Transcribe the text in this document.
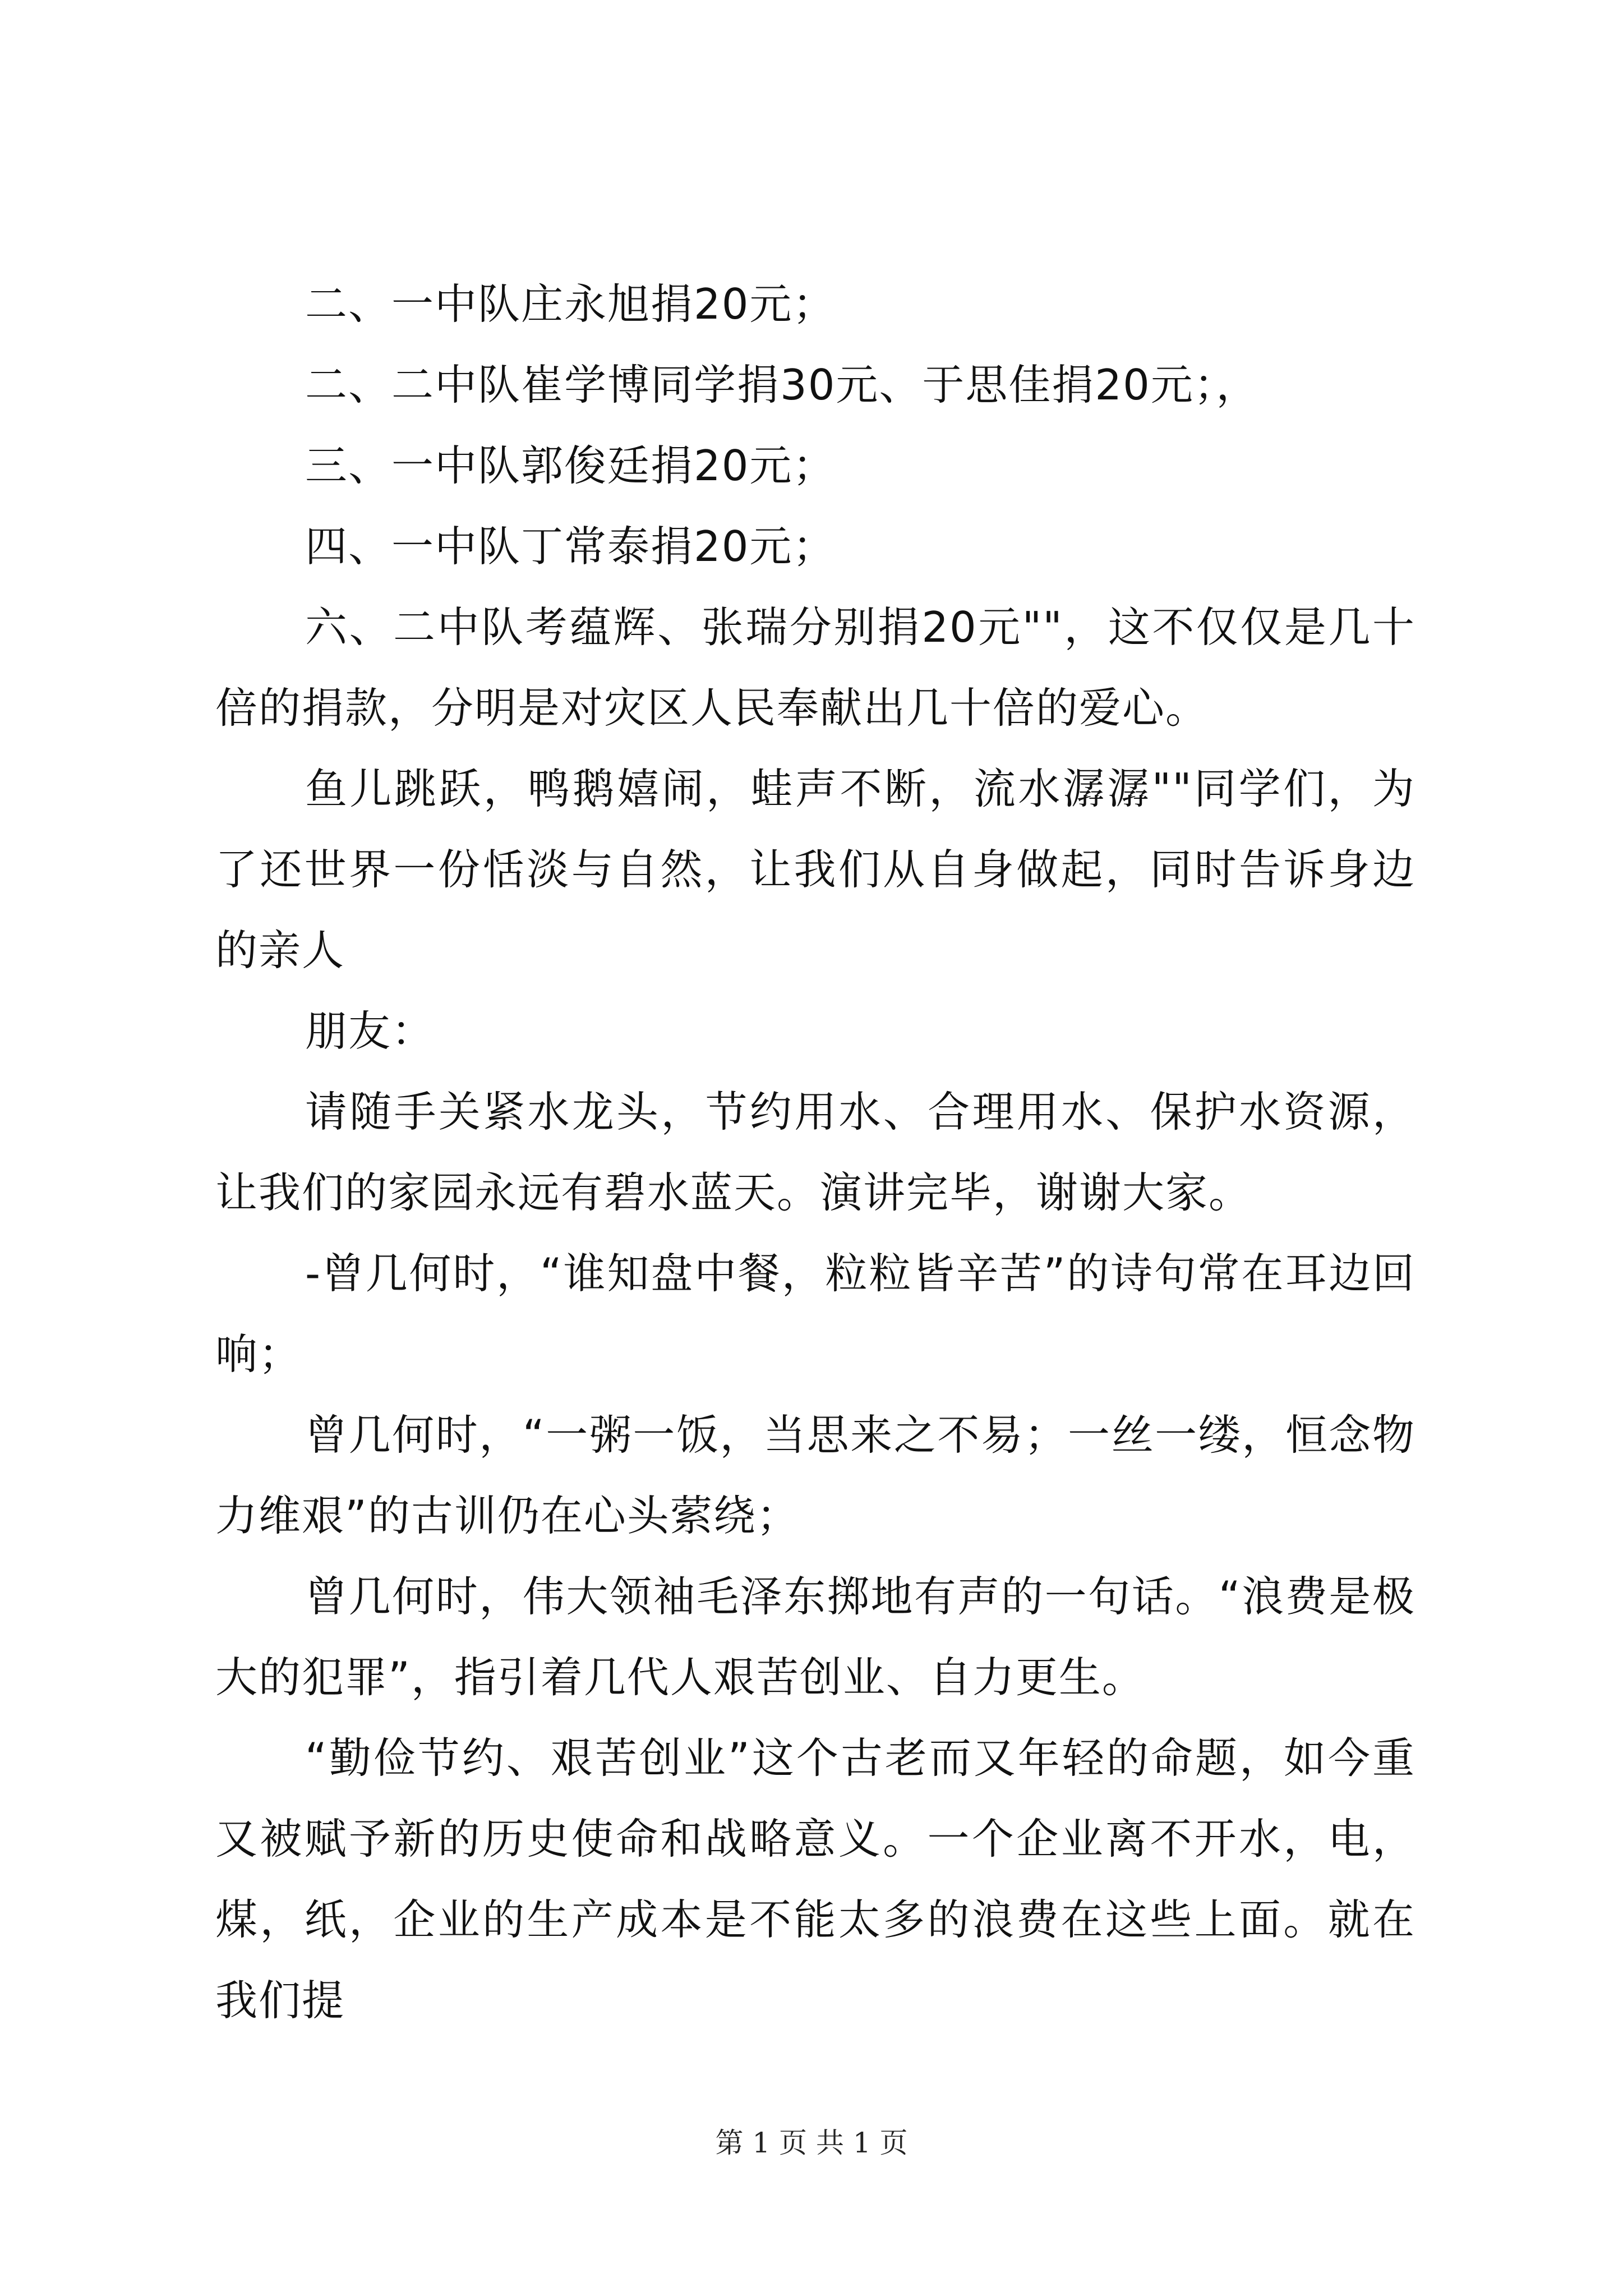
二、一中队庄永旭捐20元；

二、二中队崔学博同学捐30元、于思佳捐20元；，

三、一中队郭俊廷捐20元；

四、一中队丁常泰捐20元；

六、二中队考蕴辉、张瑞分别捐20元""，这不仅仅是几十倍的捐款，分明是对灾区人民奉献出几十倍的爱心。

鱼儿跳跃，鸭鹅嬉闹，蛙声不断，流水潺潺""同学们，为了还世界一份恬淡与自然，让我们从自身做起，同时告诉身边的亲人

朋友：

请随手关紧水龙头，节约用水、合理用水、保护水资源，让我们的家园永远有碧水蓝天。演讲完毕，谢谢大家。

-曾几何时，“谁知盘中餐，粒粒皆辛苦”的诗句常在耳边回响；

曾几何时，“一粥一饭，当思来之不易；一丝一缕，恒念物力维艰”的古训仍在心头萦绕；

曾几何时，伟大领袖毛泽东掷地有声的一句话。“浪费是极大的犯罪”，指引着几代人艰苦创业、自力更生。

“勤俭节约、艰苦创业”这个古老而又年轻的命题，如今重又被赋予新的历史使命和战略意义。一个企业离不开水，电，煤，纸，企业的生产成本是不能太多的浪费在这些上面。就在我们提

第 1 页 共 1 页
